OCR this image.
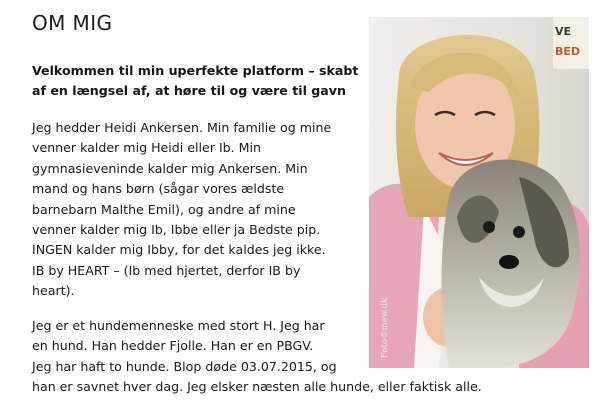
OM MIG
Velkommen til min uperfekte platform – skabt
af en længsel af, at høre til og være til gavn
Jeg hedder Heidi Ankersen. Min familie og mine
venner kalder mig Heidi eller Ib. Min
gymnasieveninde kalder mig Ankersen. Min
mand og hans børn (sågar vores ældste
barnebarn Malthe Emil), og andre af mine
venner kalder mig Ib, Ibbe eller ja Bedste pip.
INGEN kalder mig Ibby, for det kaldes jeg ikke.
IB by HEART – (Ib med hjertet, derfor IB by
heart).
Jeg er et hundemenneske med stort H. Jeg har
en hund. Han hedder Fjolle. Han er en PBGV.
Jeg har haft to hunde. Blop døde 03.07.2015, og
han er savnet hver dag. Jeg elsker næsten alle hunde, eller faktisk alle.
VE
BED
Foto©mew.dk
